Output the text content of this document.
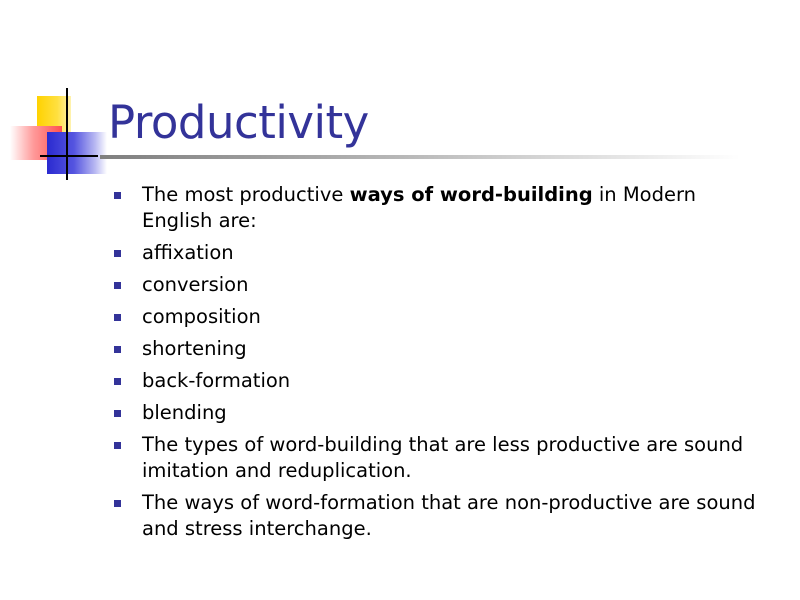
Productivity
The most productive ways of word-building in Modern English are:
affixation
conversion
composition
shortening
back-formation
blending
The types of word-building that are less productive are sound imitation and reduplication.
The ways of word-formation that are non-productive are sound and stress interchange.
